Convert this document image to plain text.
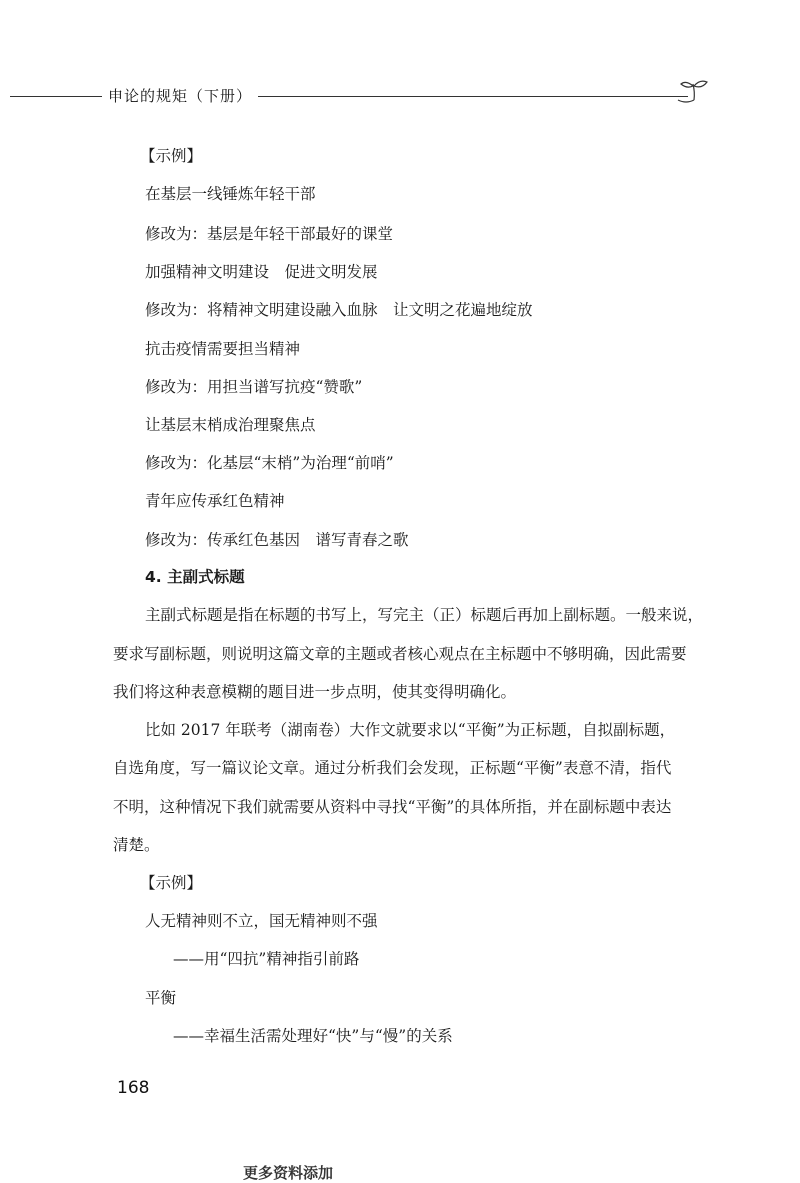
申论的规矩（下册）
【示例】
在基层一线锤炼年轻干部
修改为：基层是年轻干部最好的课堂
加强精神文明建设　促进文明发展
修改为：将精神文明建设融入血脉　让文明之花遍地绽放
抗击疫情需要担当精神
修改为：用担当谱写抗疫“赞歌”
让基层末梢成治理聚焦点
修改为：化基层“末梢”为治理“前哨”
青年应传承红色精神
修改为：传承红色基因　谱写青春之歌
4. 主副式标题
主副式标题是指在标题的书写上，写完主（正）标题后再加上副标题。一般来说，
要求写副标题，则说明这篇文章的主题或者核心观点在主标题中不够明确，因此需要
我们将这种表意模糊的题目进一步点明，使其变得明确化。
比如 2017 年联考（湖南卷）大作文就要求以“平衡”为正标题，自拟副标题，
自选角度，写一篇议论文章。通过分析我们会发现，正标题“平衡”表意不清，指代
不明，这种情况下我们就需要从资料中寻找“平衡”的具体所指，并在副标题中表达
清楚。
【示例】
人无精神则不立，国无精神则不强
——用“四抗”精神指引前路
平衡
——幸福生活需处理好“快”与“慢”的关系
168
更多资料添加
